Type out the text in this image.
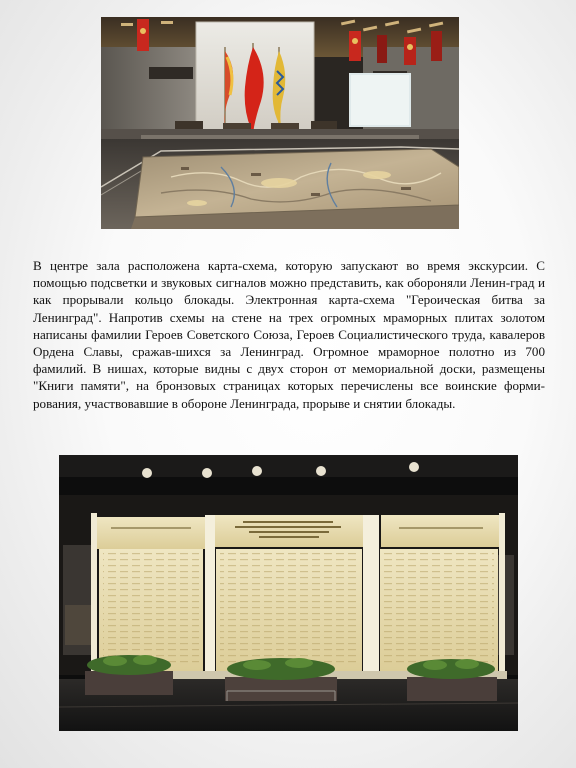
В центре зала расположена карта-схема, которую запускают во время экскурсии. С помощью подсветки и звуковых сигналов можно представить, как обороняли Ленин-град и как прорывали кольцо блокады. Электронная карта-схема "Героическая битва за Ленинград". Напротив схемы на стене на трех огромных мраморных плитах золотом написаны фамилии Героев Советского Союза, Героев Социалистического труда, кавалеров Ордена Славы, сражав-шихся за Ленинград. Огромное мраморное полотно из 700 фамилий. В нишах, которые видны с двух сторон от мемориальной доски, размещены "Книги памяти", на бронзовых страницах которых перечислены все воинские форми-рования, участвовавшие в обороне Ленинграда, прорыве и снятии блокады.
